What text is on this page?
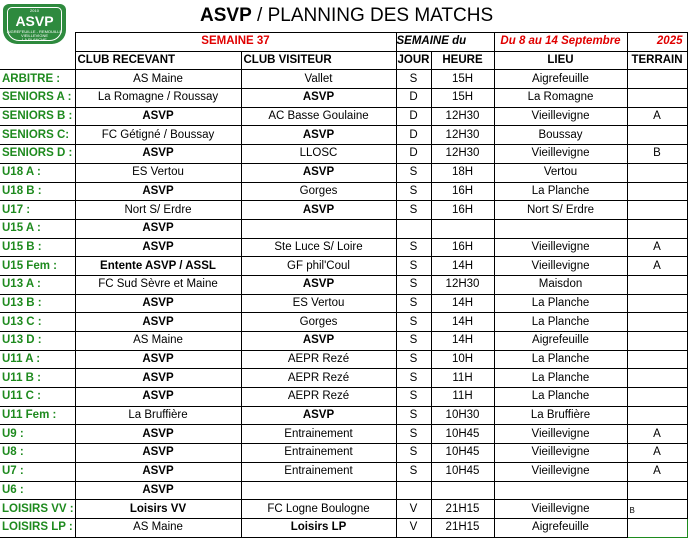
2010
ASVP
AIGREFEUILLE - REMOUILLE
VIEILLEVIGNE
LA PLANCHE
ASVP / PLANNING DES MATCHS
	SEMAINE 37		SEMAINE du		Du 8 au 14 Septembre	2025
	CLUB RECEVANT	CLUB VISITEUR	JOUR	HEURE	LIEU	TERRAIN
ARBITRE :	AS Maine	Vallet	S	15H	Aigrefeuille	
SENIORS A :	La Romagne / Roussay	ASVP	D	15H	La Romagne	
SENIORS B :	ASVP	AC Basse Goulaine	D	12H30	Vieillevigne	A
SENIORS C:	FC Gétigné / Boussay	ASVP	D	12H30	Boussay	
SENIORS D :	ASVP	LLOSC	D	12H30	Vieillevigne	B
U18 A :	ES Vertou	ASVP	S	18H	Vertou	
U18 B :	ASVP	Gorges	S	16H	La Planche	
U17 :	Nort S/ Erdre	ASVP	S	16H	Nort S/ Erdre	
U15 A :	ASVP					
U15 B :	ASVP	Ste Luce S/ Loire	S	16H	Vieillevigne	A
U15 Fem :	Entente ASVP / ASSL	GF phil'Coul	S	14H	Vieillevigne	A
U13 A :	FC Sud Sèvre et Maine	ASVP	S	12H30	Maisdon	
U13 B :	ASVP	ES Vertou	S	14H	La Planche	
U13 C :	ASVP	Gorges	S	14H	La Planche	
U13 D :	AS Maine	ASVP	S	14H	Aigrefeuille	
U11 A :	ASVP	AEPR Rezé	S	10H	La Planche	
U11 B :	ASVP	AEPR Rezé	S	11H	La Planche	
U11 C :	ASVP	AEPR Rezé	S	11H	La Planche	
U11 Fem :	La Bruffière	ASVP	S	10H30	La Bruffière	
U9 :	ASVP	Entrainement	S	10H45	Vieillevigne	A
U8 :	ASVP	Entrainement	S	10H45	Vieillevigne	A
U7 :	ASVP	Entrainement	S	10H45	Vieillevigne	A
U6 :	ASVP					
LOISIRS VV :	Loisirs VV	FC Logne Boulogne	V	21H15	Vieillevigne	B
LOISIRS LP :	AS Maine	Loisirs LP	V	21H15	Aigrefeuille	
